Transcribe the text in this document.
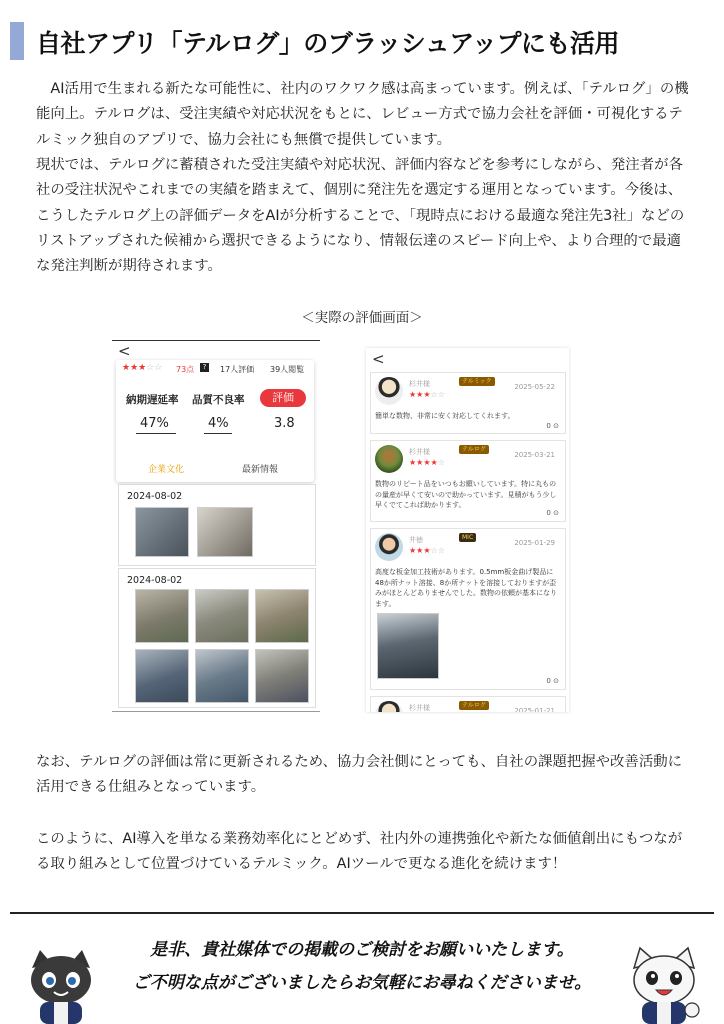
自社アプリ「テルログ」のブラッシュアップにも活用

　AI活用で生まれる新たな可能性に、社内のワクワク感は高まっています。例えば、「テルログ」の機能向上。テルログは、受注実績や対応状況をもとに、レビュー方式で協力会社を評価・可視化するテルミック独自のアプリで、協力会社にも無償で提供しています。

現状では、テルログに蓄積された受注実績や対応状況、評価内容などを参考にしながら、発注者が各社の受注状況やこれまでの実績を踏まえて、個別に発注先を選定する運用となっています。今後は、こうしたテルログ上の評価データをAIが分析することで、「現時点における最適な発注先3社」などのリストアップされた候補から選択できるようになり、情報伝達のスピード向上や、より合理的で最適な発注判断が期待されます。

＜実際の評価画面＞
<
★★★☆☆ 73点	?	17人評価 39人閲覧
納期遅延率 品質不良率	評価
47%	4%	3.8
企業文化	最新情報
2024-08-02
2024-08-02
<
杉井様	テルミック
★★★☆☆
2025-05-22
簡単な数物、非常に安く対応してくれます。
0 ⊙
杉井様	テルログ
★★★★☆
2025-03-21
数物のリピート品をいつもお願いしています。特に丸ものの量産が早くて安いので助かっています。見積がもう少し早くでてこれば助かります。
0 ⊙
井徳	MIC
★★★☆☆
2025-01-29
高度な板金加工技術があります。0.5mm板金曲げ製品に48か所ナット溶接、8か所ナットを溶接しておりますが歪みがほとんどありませんでした。数物の依頼が基本になります。
0 ⊙
杉井様	テルログ
2025-01-21

なお、テルログの評価は常に更新されるため、協力会社側にとっても、自社の課題把握や改善活動に活用できる仕組みとなっています。

このように、AI導入を単なる業務効率化にとどめず、社内外の連携強化や新たな価値創出にもつながる取り組みとして位置づけているテルミック。AIツールで更なる進化を続けます！

是非、貴社媒体での掲載のご検討をお願いいたします。
ご不明な点がございましたらお気軽にお尋ねくださいませ。
